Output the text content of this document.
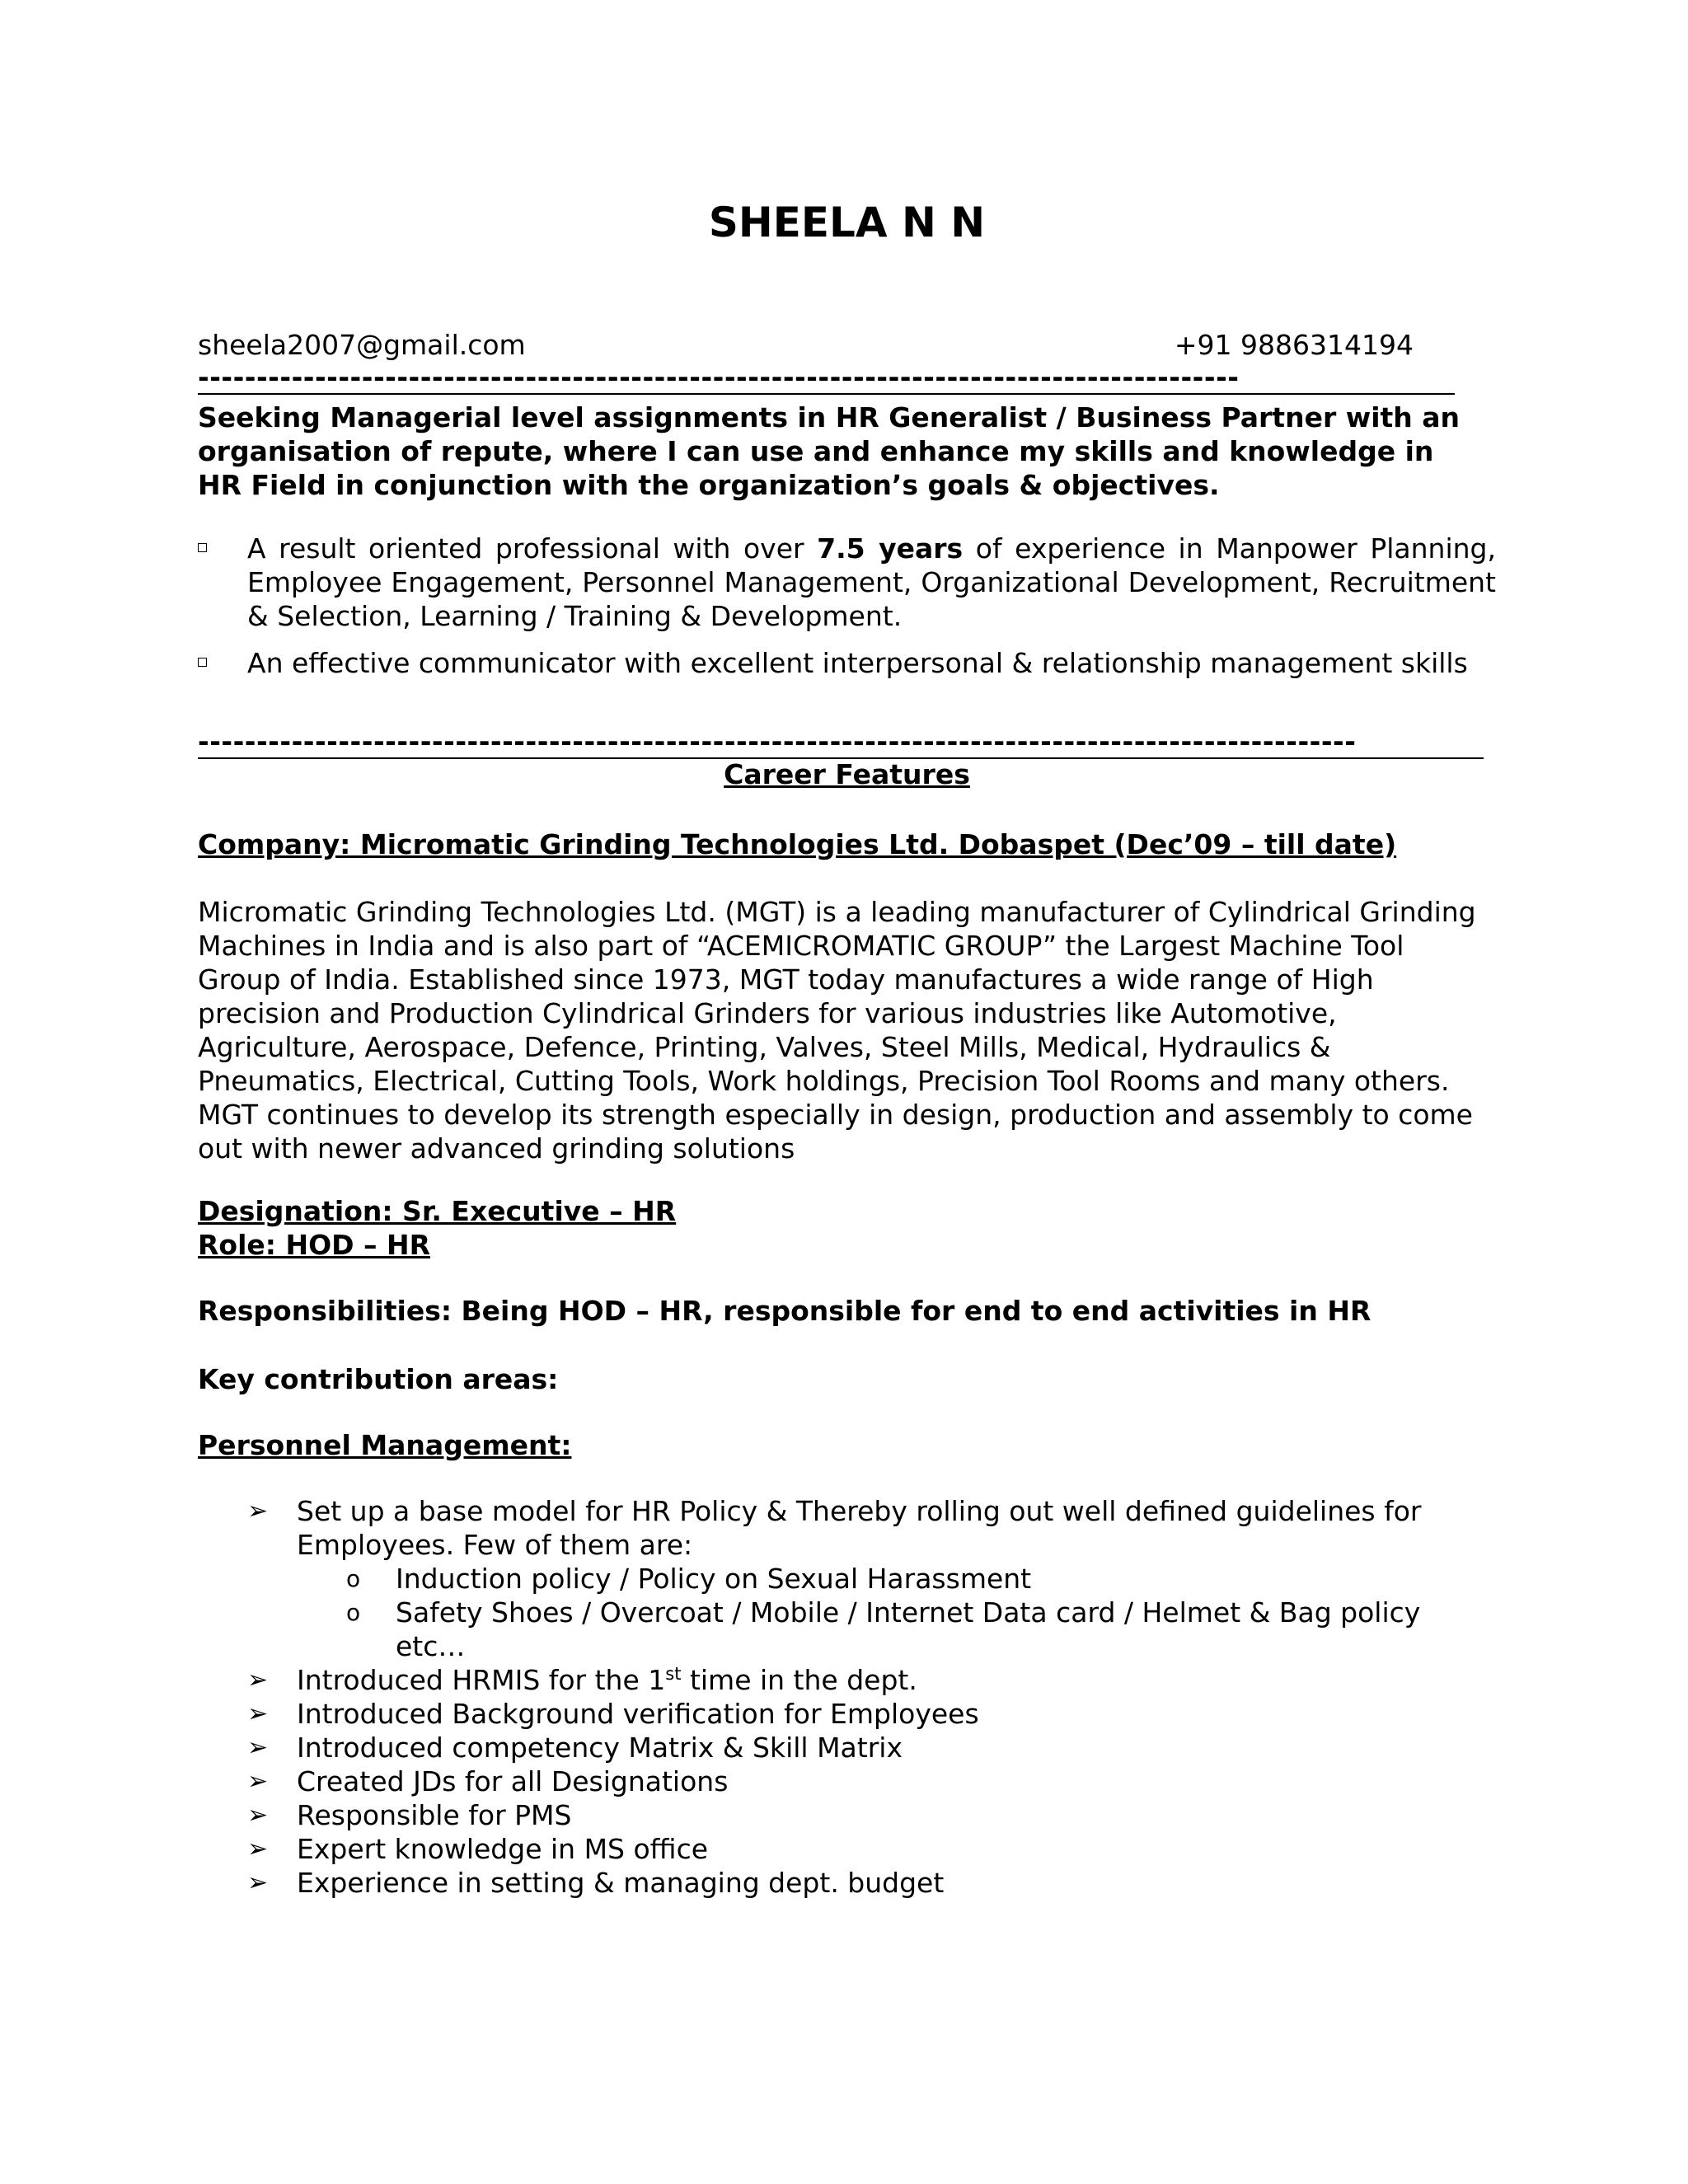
SHEELA N N
sheela2007@gmail.com	+91 9886314194
-----------------------------------------------------------------------------------------
Seeking Managerial level assignments in HR Generalist / Business Partner with an organisation of repute, where I can use and enhance my skills and knowledge in HR Field in conjunction with the organization’s goals & objectives.
A result oriented professional with over 7.5 years of experience in Manpower Planning, Employee Engagement, Personnel Management, Organizational Development, Recruitment & Selection, Learning / Training & Development.
An effective communicator with excellent interpersonal & relationship management skills
---------------------------------------------------------------------------------------------------
Career Features
Company: Micromatic Grinding Technologies Ltd. Dobaspet (Dec’09 – till date)
Micromatic Grinding Technologies Ltd. (MGT) is a leading manufacturer of Cylindrical Grinding Machines in India and is also part of “ACEMICROMATIC GROUP” the Largest Machine Tool Group of India. Established since 1973, MGT today manufactures a wide range of High precision and Production Cylindrical Grinders for various industries like Automotive, Agriculture, Aerospace, Defence, Printing, Valves, Steel Mills, Medical, Hydraulics & Pneumatics, Electrical, Cutting Tools, Work holdings, Precision Tool Rooms and many others. MGT continues to develop its strength especially in design, production and assembly to come out with newer advanced grinding solutions
Designation: Sr. Executive – HR
Role: HOD – HR
Responsibilities: Being HOD – HR, responsible for end to end activities in HR
Key contribution areas:
Personnel Management:
➢ Set up a base model for HR Policy & Thereby rolling out well defined guidelines for Employees. Few of them are:
o Induction policy / Policy on Sexual Harassment
o Safety Shoes / Overcoat / Mobile / Internet Data card / Helmet & Bag policy etc…
➢ Introduced HRMIS for the 1st time in the dept.
➢ Introduced Background verification for Employees
➢ Introduced competency Matrix & Skill Matrix
➢ Created JDs for all Designations
➢ Responsible for PMS
➢ Expert knowledge in MS office
➢ Experience in setting & managing dept. budget
